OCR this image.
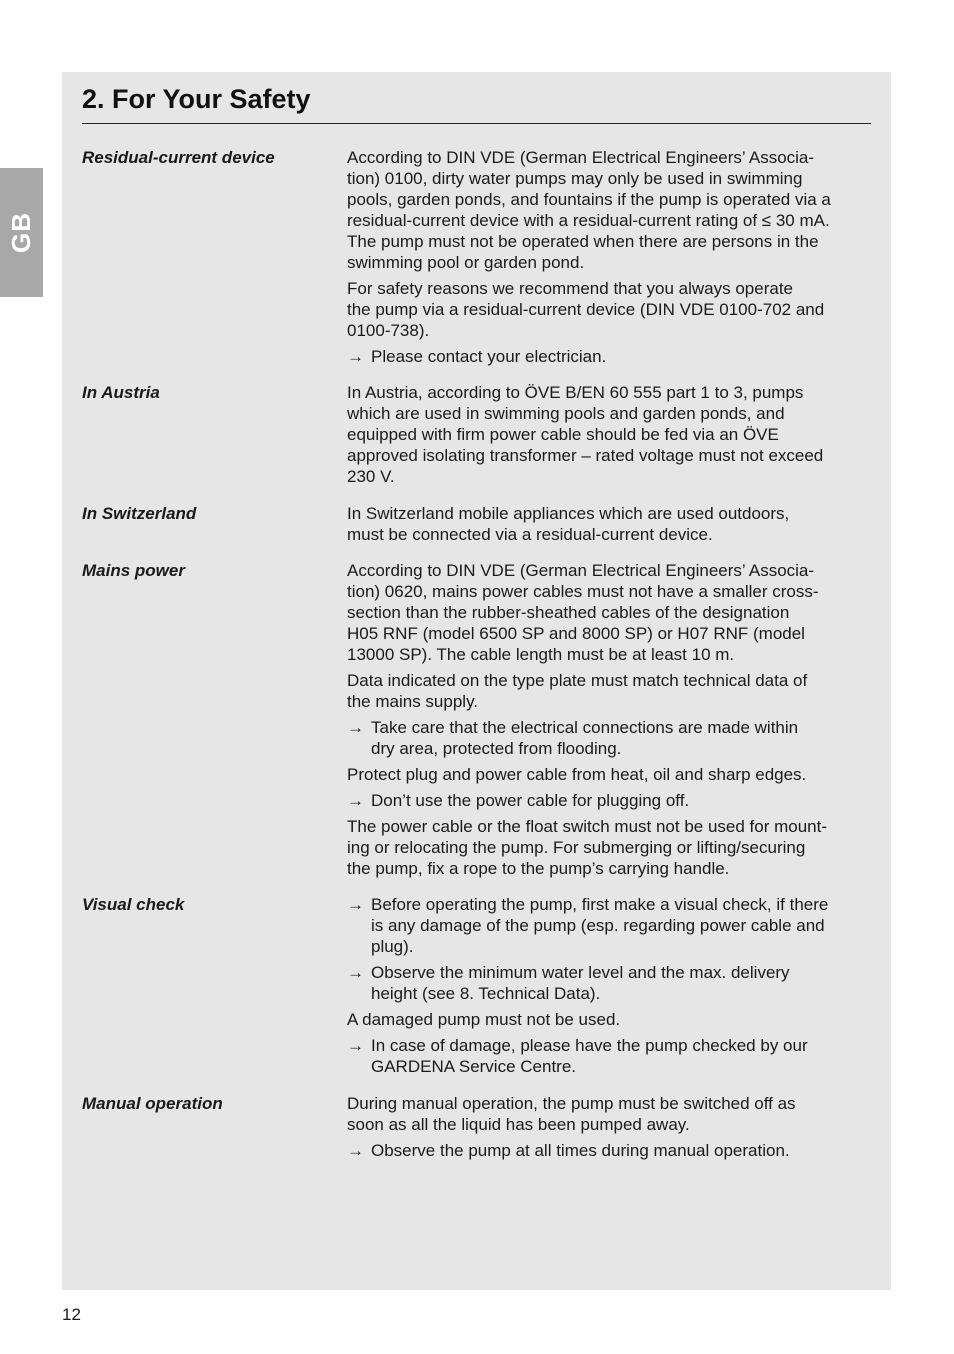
GB
2. For Your Safety
Residual-current device	According to DIN VDE (German Electrical Engineers’ Associa-
tion) 0100, dirty water pumps may only be used in swimming
pools, garden ponds, and fountains if the pump is operated via a
residual-current device with a residual-current rating of ≤ 30 mA.
The pump must not be operated when there are persons in the
swimming pool or garden pond.

For safety reasons we recommend that you always operate
the pump via a residual-current device (DIN VDE 0100-702 and
0100-738).

→ Please contact your electrician.
In Austria	In Austria, according to ÖVE B/EN 60 555 part 1 to 3, pumps
which are used in swimming pools and garden ponds, and
equipped with firm power cable should be fed via an ÖVE
approved isolating transformer – rated voltage must not exceed
230 V.

In Switzerland	In Switzerland mobile appliances which are used outdoors,
must be connected via a residual-current device.

Mains power	According to DIN VDE (German Electrical Engineers’ Associa-
tion) 0620, mains power cables must not have a smaller cross-
section than the rubber-sheathed cables of the designation
H05 RNF (model 6500 SP and 8000 SP) or H07 RNF (model
13000 SP). The cable length must be at least 10 m.

Data indicated on the type plate must match technical data of
the mains supply.

→ Take care that the electrical connections are made within
dry area, protected from flooding.

Protect plug and power cable from heat, oil and sharp edges.

→ Don’t use the power cable for plugging off.

The power cable or the float switch must not be used for mount-
ing or relocating the pump. For submerging or lifting/securing
the pump, fix a rope to the pump’s carrying handle.

Visual check	→ Before operating the pump, first make a visual check, if there
is any damage of the pump (esp. regarding power cable and
plug).
→ Observe the minimum water level and the max. delivery
height (see 8. Technical Data).

A damaged pump must not be used.

→ In case of damage, please have the pump checked by our
GARDENA Service Centre.
Manual operation	During manual operation, the pump must be switched off as
soon as all the liquid has been pumped away.

→ Observe the pump at all times during manual operation.
12
